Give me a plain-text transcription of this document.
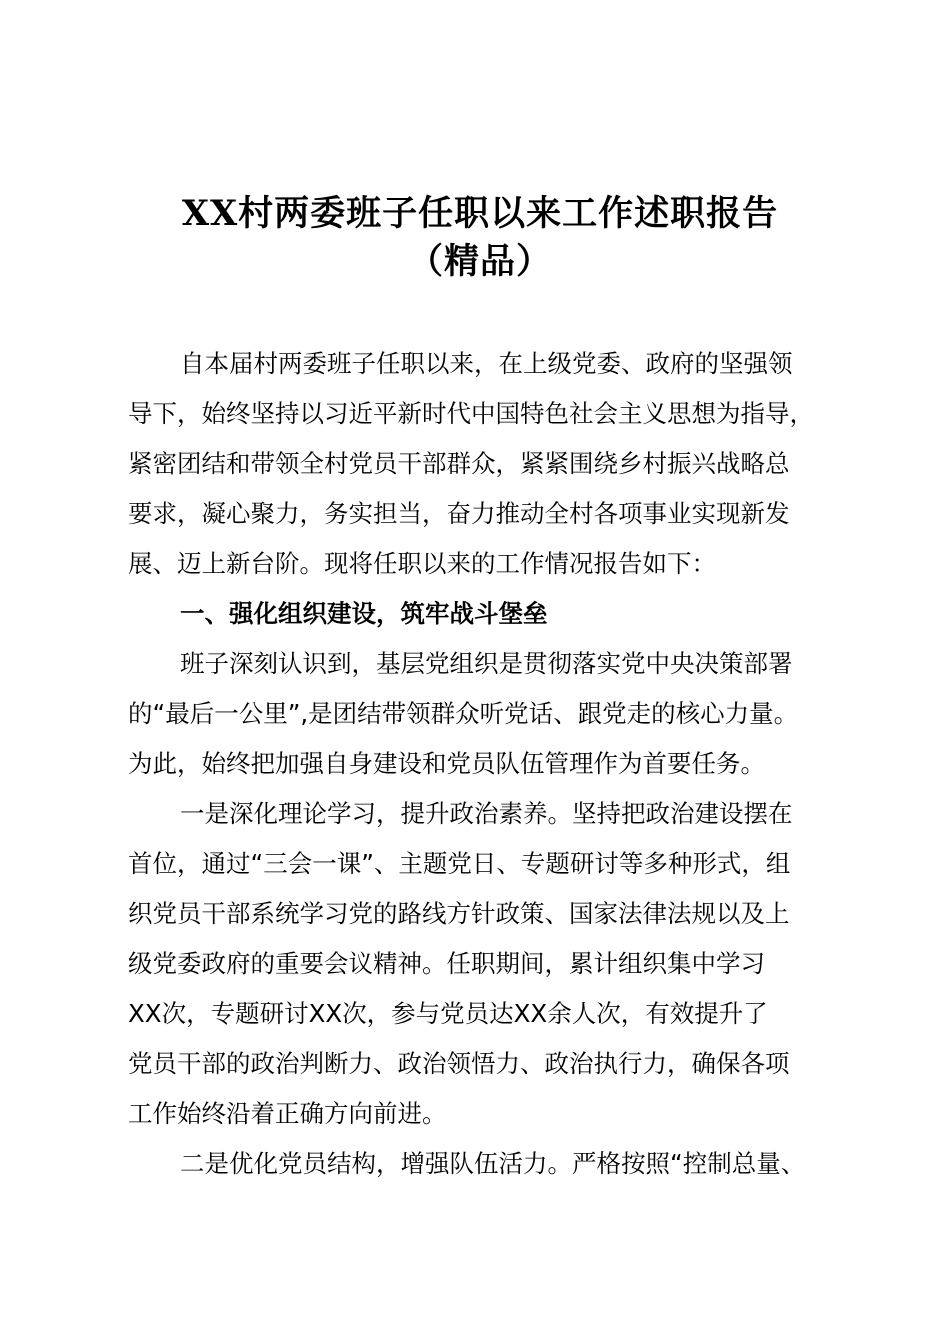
XX村两委班子任职以来工作述职报告
（精品）
自本届村两委班子任职以来，在上级党委、政府的坚强领
导下，始终坚持以习近平新时代中国特色社会主义思想为指导，
紧密团结和带领全村党员干部群众，紧紧围绕乡村振兴战略总
要求，凝心聚力，务实担当，奋力推动全村各项事业实现新发
展、迈上新台阶。现将任职以来的工作情况报告如下：
一、强化组织建设，筑牢战斗堡垒
班子深刻认识到，基层党组织是贯彻落实党中央决策部署
的“最后一公里”,是团结带领群众听党话、跟党走的核心力量。
为此，始终把加强自身建设和党员队伍管理作为首要任务。
一是深化理论学习，提升政治素养。坚持把政治建设摆在
首位，通过“三会一课”、主题党日、专题研讨等多种形式，组
织党员干部系统学习党的路线方针政策、国家法律法规以及上
级党委政府的重要会议精神。任职期间，累计组织集中学习
XX次，专题研讨XX次，参与党员达XX余人次，有效提升了
党员干部的政治判断力、政治领悟力、政治执行力，确保各项
工作始终沿着正确方向前进。
二是优化党员结构，增强队伍活力。严格按照“控制总量、
